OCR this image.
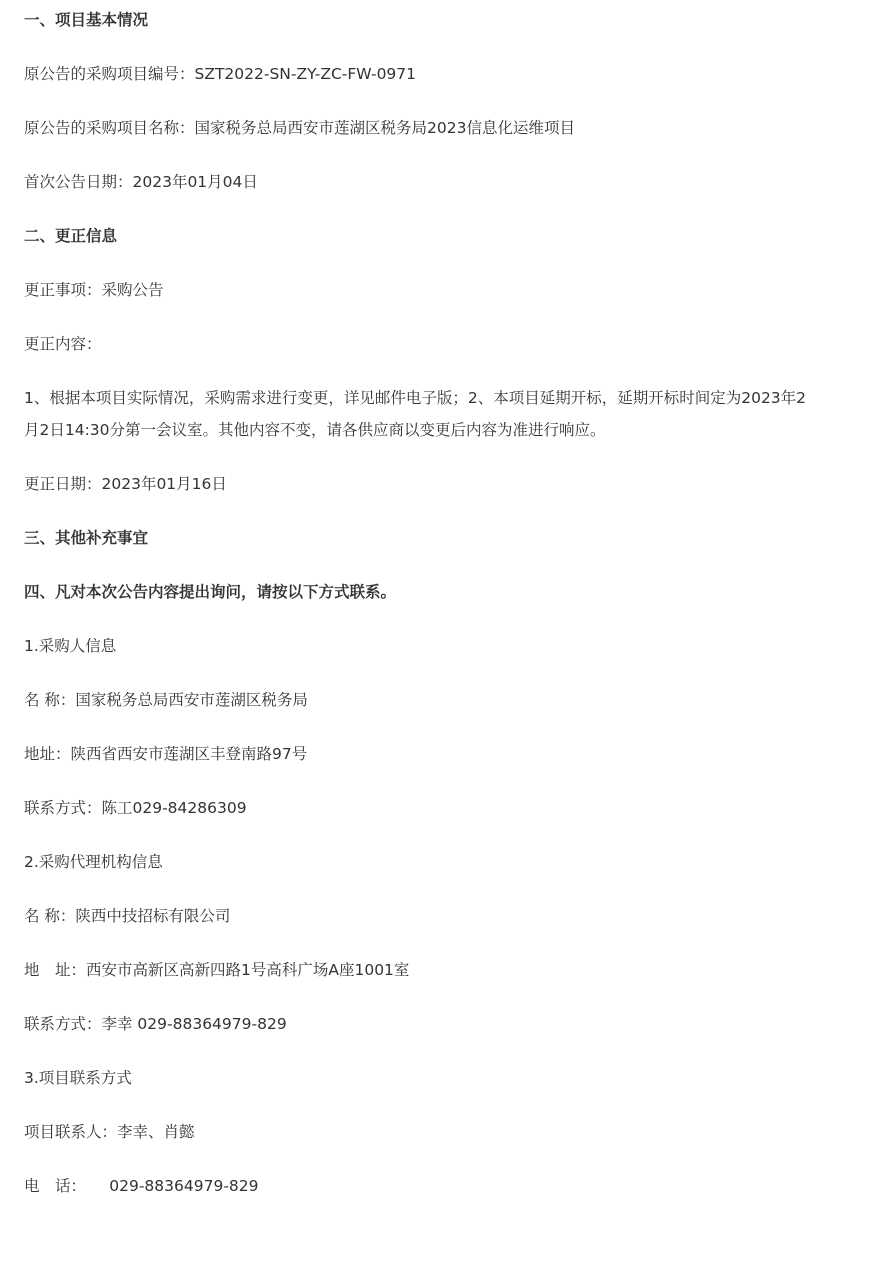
一、项目基本情况
原公告的采购项目编号：SZT2022-SN-ZY-ZC-FW-0971
原公告的采购项目名称：国家税务总局西安市莲湖区税务局2023信息化运维项目
首次公告日期：2023年01月04日
二、更正信息
更正事项：采购公告
更正内容：
1、根据本项目实际情况，采购需求进行变更，详见邮件电子版；2、本项目延期开标，延期开标时间定为2023年2月2日14:30分第一会议室。其他内容不变，请各供应商以变更后内容为准进行响应。
更正日期：2023年01月16日
三、其他补充事宜
四、凡对本次公告内容提出询问，请按以下方式联系。
1.采购人信息
名 称：国家税务总局西安市莲湖区税务局
地址：陕西省西安市莲湖区丰登南路97号
联系方式：陈工029-84286309
2.采购代理机构信息
名 称：陕西中技招标有限公司
地　址：西安市高新区高新四路1号高科广场A座1001室
联系方式：李幸 029-88364979-829
3.项目联系方式
项目联系人：李幸、肖懿
电　话：　　029-88364979-829
